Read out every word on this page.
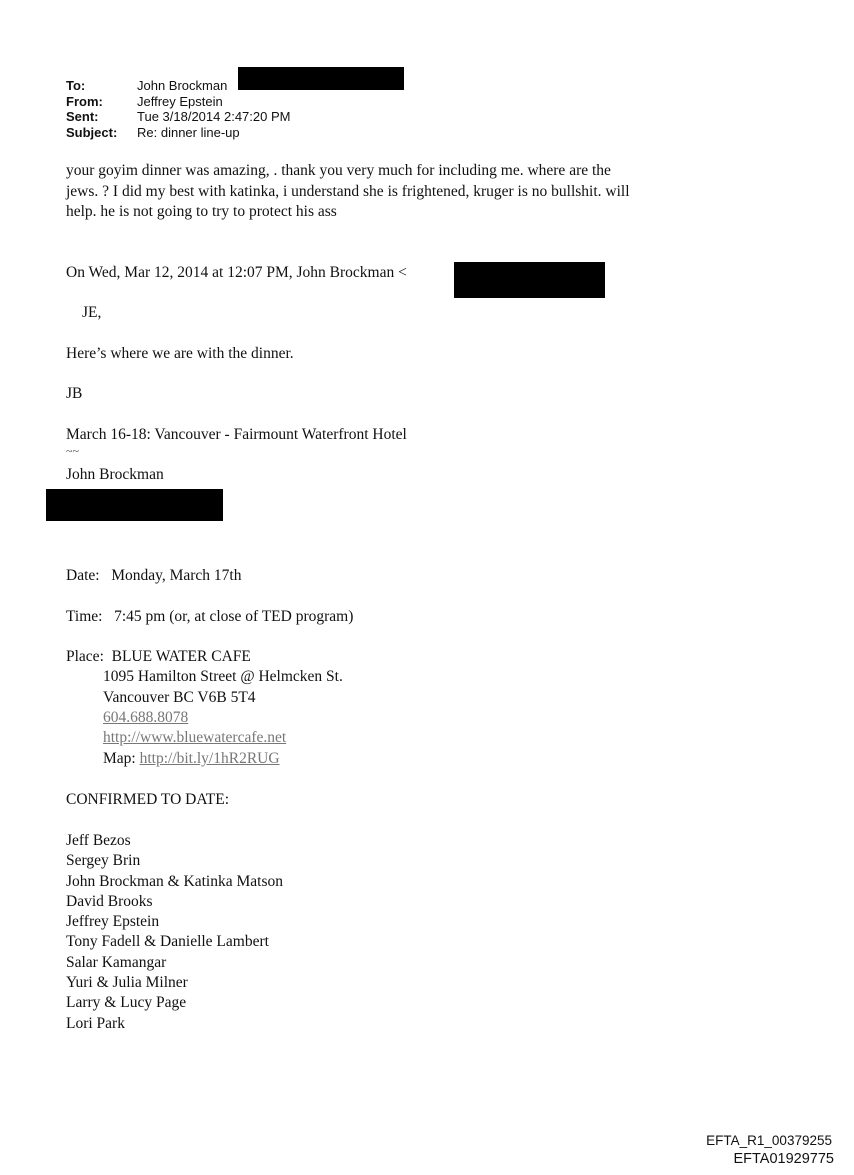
To:	John Brockman
From:	Jeffrey Epstein
Sent:	Tue 3/18/2014 2:47:20 PM
Subject:	Re: dinner line-up
your goyim dinner was amazing, . thank you very much for including me. where are the
jews. ? I did my best with katinka, i understand she is frightened, kruger is no bullshit. will
help. he is not going to try to protect his ass
On Wed, Mar 12, 2014 at 12:07 PM, John Brockman <
JE,
Here’s where we are with the dinner.
JB
March 16-18: Vancouver - Fairmount Waterfront Hotel
~~
John Brockman
Date: Monday, March 17th
Time: 7:45 pm (or, at close of TED program)
Place: BLUE WATER CAFE
1095 Hamilton Street @ Helmcken St.
Vancouver BC V6B 5T4
604.688.8078
http://www.bluewatercafe.net
Map: http://bit.ly/1hR2RUG
CONFIRMED TO DATE:
Jeff Bezos
Sergey Brin
John Brockman & Katinka Matson
David Brooks
Jeffrey Epstein
Tony Fadell & Danielle Lambert
Salar Kamangar
Yuri & Julia Milner
Larry & Lucy Page
Lori Park
EFTA_R1_00379255
EFTA01929775
